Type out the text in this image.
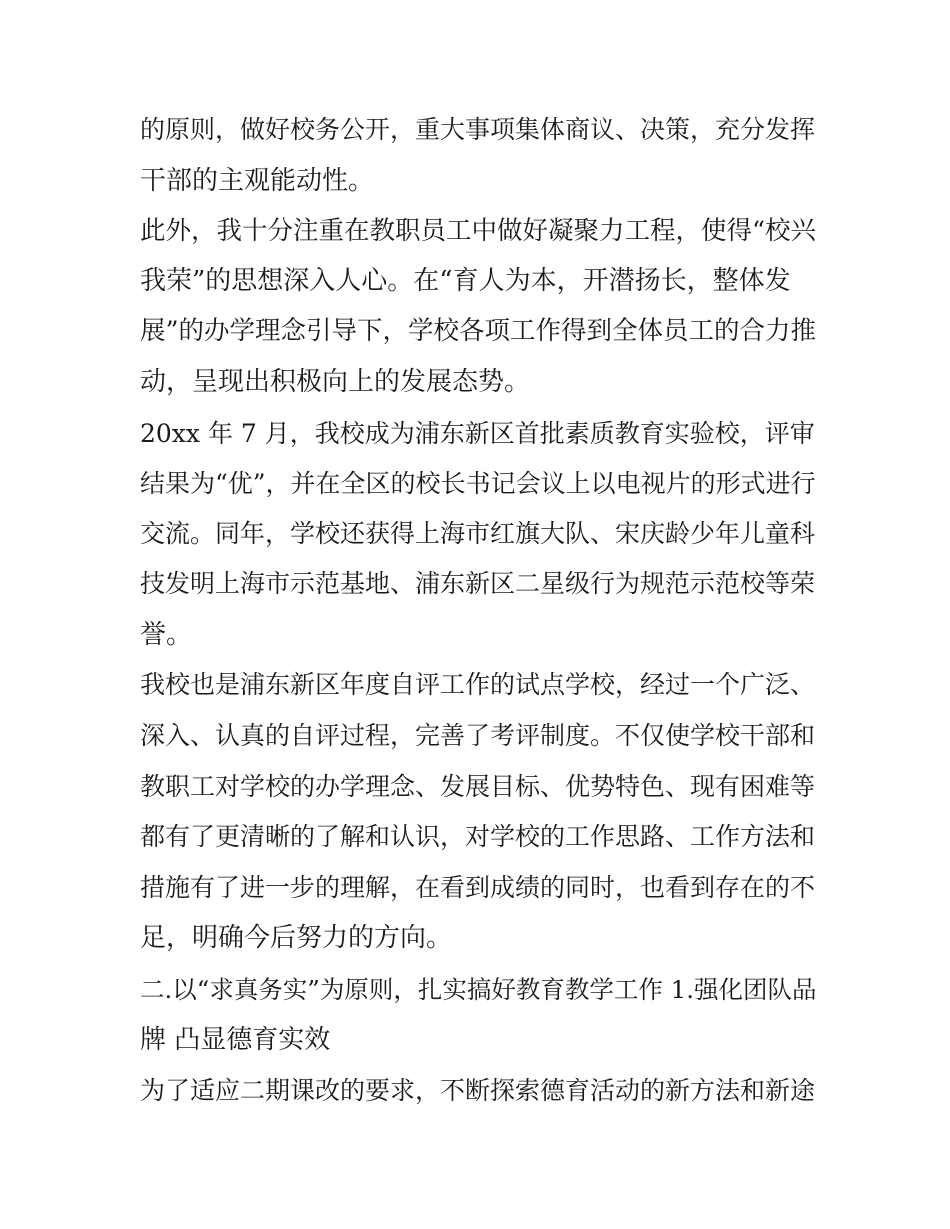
的原则，做好校务公开，重大事项集体商议、决策，充分发挥
干部的主观能动性。
此外，我十分注重在教职员工中做好凝聚力工程，使得“校兴
我荣”的思想深入人心。在“育人为本，开潜扬长，整体发
展”的办学理念引导下，学校各项工作得到全体员工的合力推
动，呈现出积极向上的发展态势。
20xx 年 7 月，我校成为浦东新区首批素质教育实验校，评审
结果为“优”，并在全区的校长书记会议上以电视片的形式进行
交流。同年，学校还获得上海市红旗大队、宋庆龄少年儿童科
技发明上海市示范基地、浦东新区二星级行为规范示范校等荣
誉。
我校也是浦东新区年度自评工作的试点学校，经过一个广泛、
深入、认真的自评过程，完善了考评制度。不仅使学校干部和
教职工对学校的办学理念、发展目标、优势特色、现有困难等
都有了更清晰的了解和认识，对学校的工作思路、工作方法和
措施有了进一步的理解，在看到成绩的同时，也看到存在的不
足，明确今后努力的方向。
二.以“求真务实”为原则，扎实搞好教育教学工作 1.强化团队品
牌 凸显德育实效
为了适应二期课改的要求，不断探索德育活动的新方法和新途
